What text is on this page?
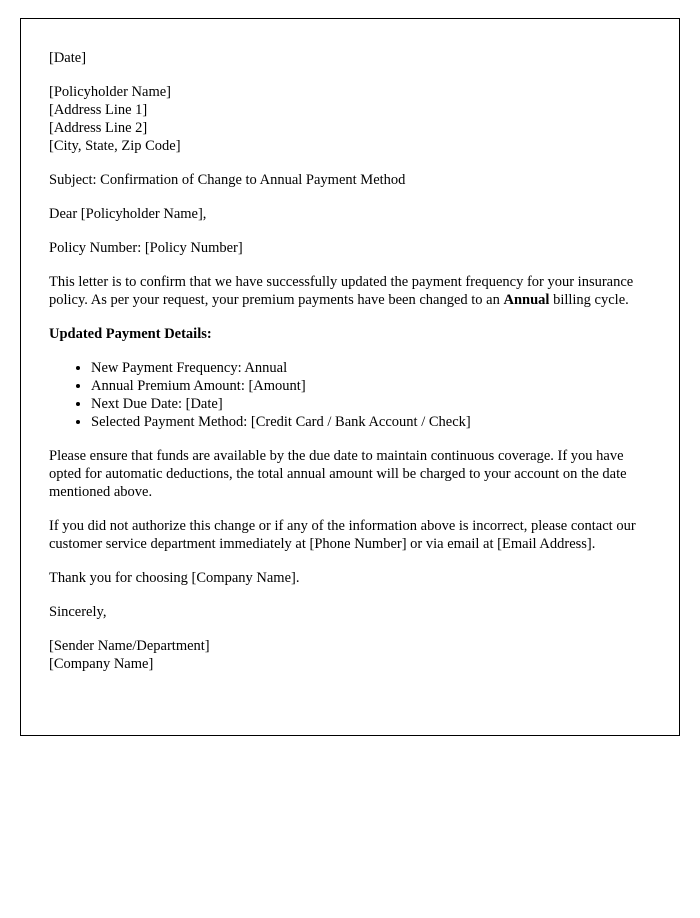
[Date]
[Policyholder Name]
[Address Line 1]
[Address Line 2]
[City, State, Zip Code]
Subject: Confirmation of Change to Annual Payment Method
Dear [Policyholder Name],
Policy Number: [Policy Number]
This letter is to confirm that we have successfully updated the payment frequency for your insurance policy. As per your request, your premium payments have been changed to an Annual billing cycle.
Updated Payment Details:
• New Payment Frequency: Annual
• Annual Premium Amount: [Amount]
• Next Due Date: [Date]
• Selected Payment Method: [Credit Card / Bank Account / Check]
Please ensure that funds are available by the due date to maintain continuous coverage. If you have opted for automatic deductions, the total annual amount will be charged to your account on the date mentioned above.
If you did not authorize this change or if any of the information above is incorrect, please contact our customer service department immediately at [Phone Number] or via email at [Email Address].
Thank you for choosing [Company Name].
Sincerely,
[Sender Name/Department]
[Company Name]
